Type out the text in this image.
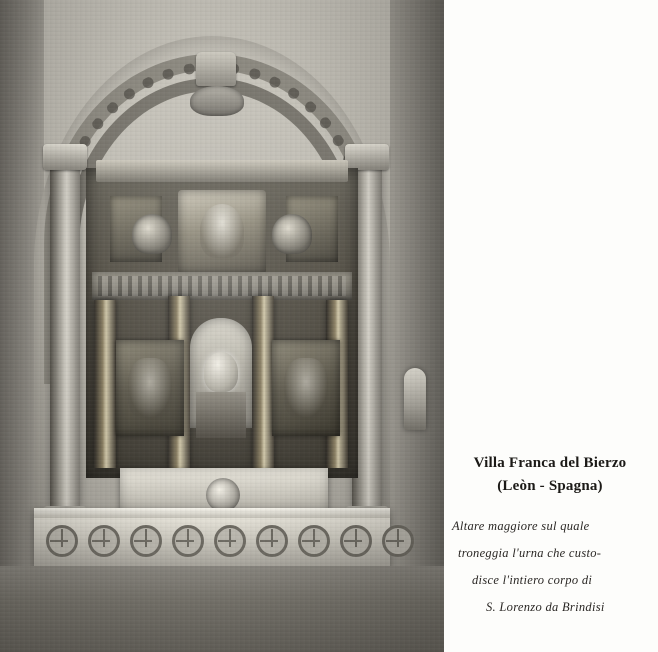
Villa Franca del Bierzo
(Leòn - Spagna)
Altare maggiore sul quale
troneggia l'urna che custo-
disce l'intiero corpo di
S. Lorenzo da Brindisi
